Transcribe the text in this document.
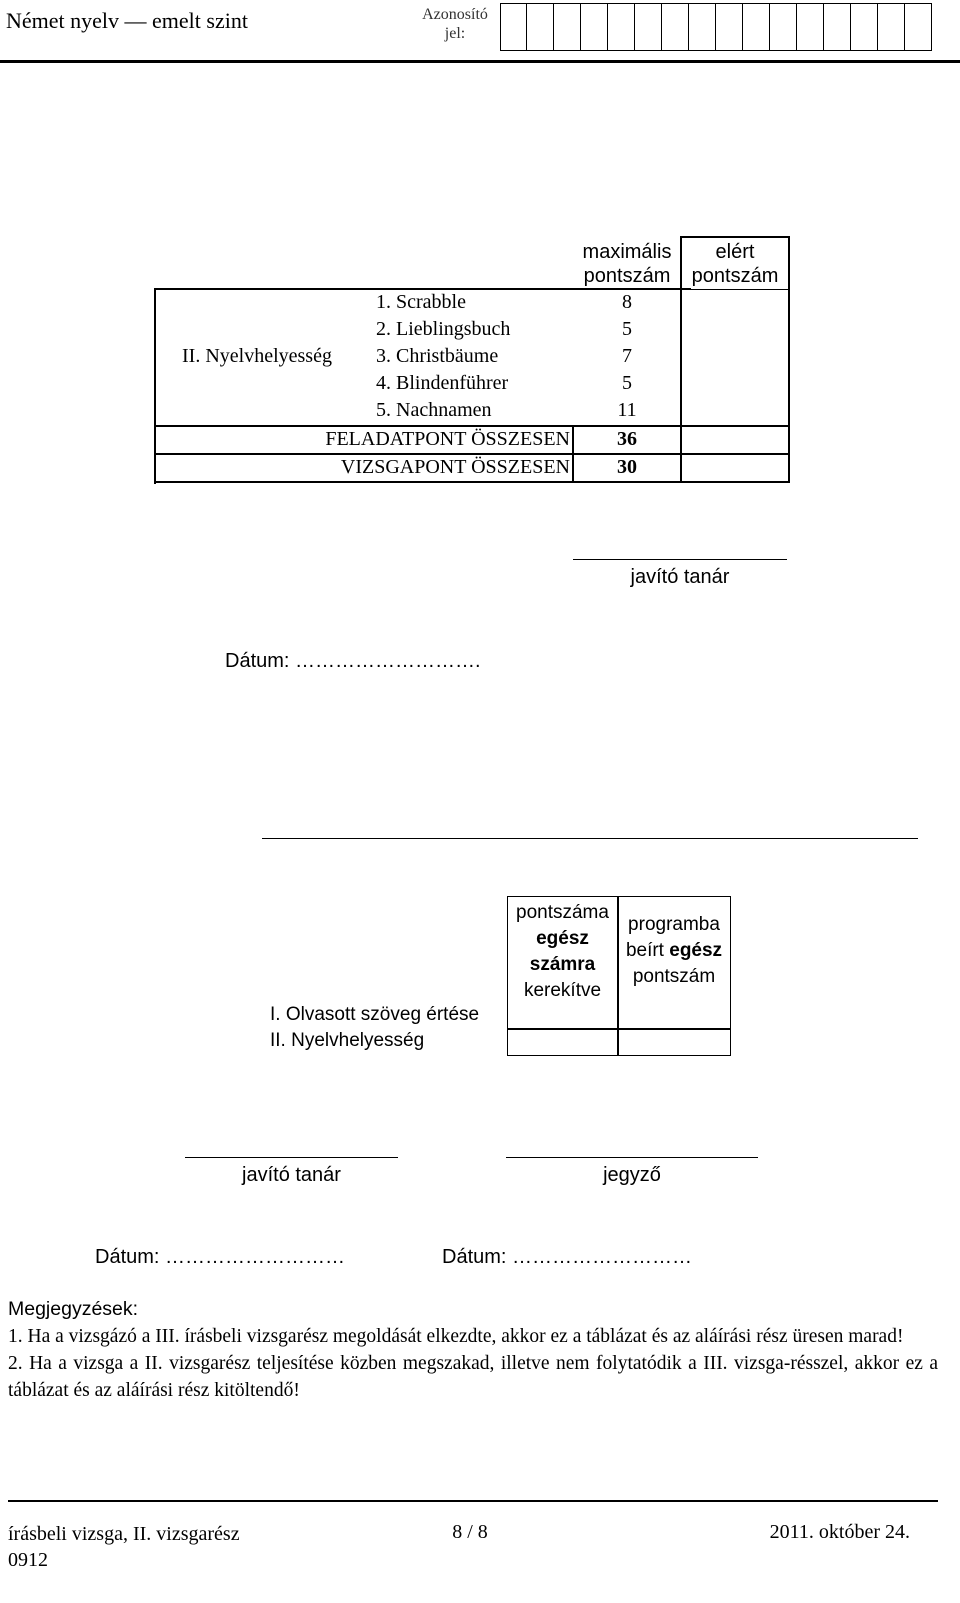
Német nyelv — emelt szint	Azonosító
jel:
maximális
pontszám
elért
pontszám
II. Nyelvhelyesség
1. Scrabble	8
2. Lieblingsbuch	5
3. Christbäume	7
4. Blindenführer	5
5. Nachnamen	11
FELADATPONT ÖSSZESEN	36
VIZSGAPONT ÖSSZESEN	30
javító tanár
Dátum: ……………………….
pontszáma
egész
számra
kerekítve
programba
beírt egész
pontszám
I. Olvasott szöveg értése
II. Nyelvhelyesség
javító tanár	jegyző
Dátum: ………………………	Dátum: ………………………

Megjegyzések:

1. Ha a vizsgázó a III. írásbeli vizsgarész megoldását elkezdte, akkor ez a táblázat és az aláírási rész üresen marad!

2. Ha a vizsga a II. vizsgarész teljesítése közben megszakad, illetve nem folytatódik a III. vizsga-résszel, akkor ez a táblázat és az aláírási rész kitöltendő!

írásbeli vizsga, II. vizsgarész
0912
8 / 8	2011. október 24.
